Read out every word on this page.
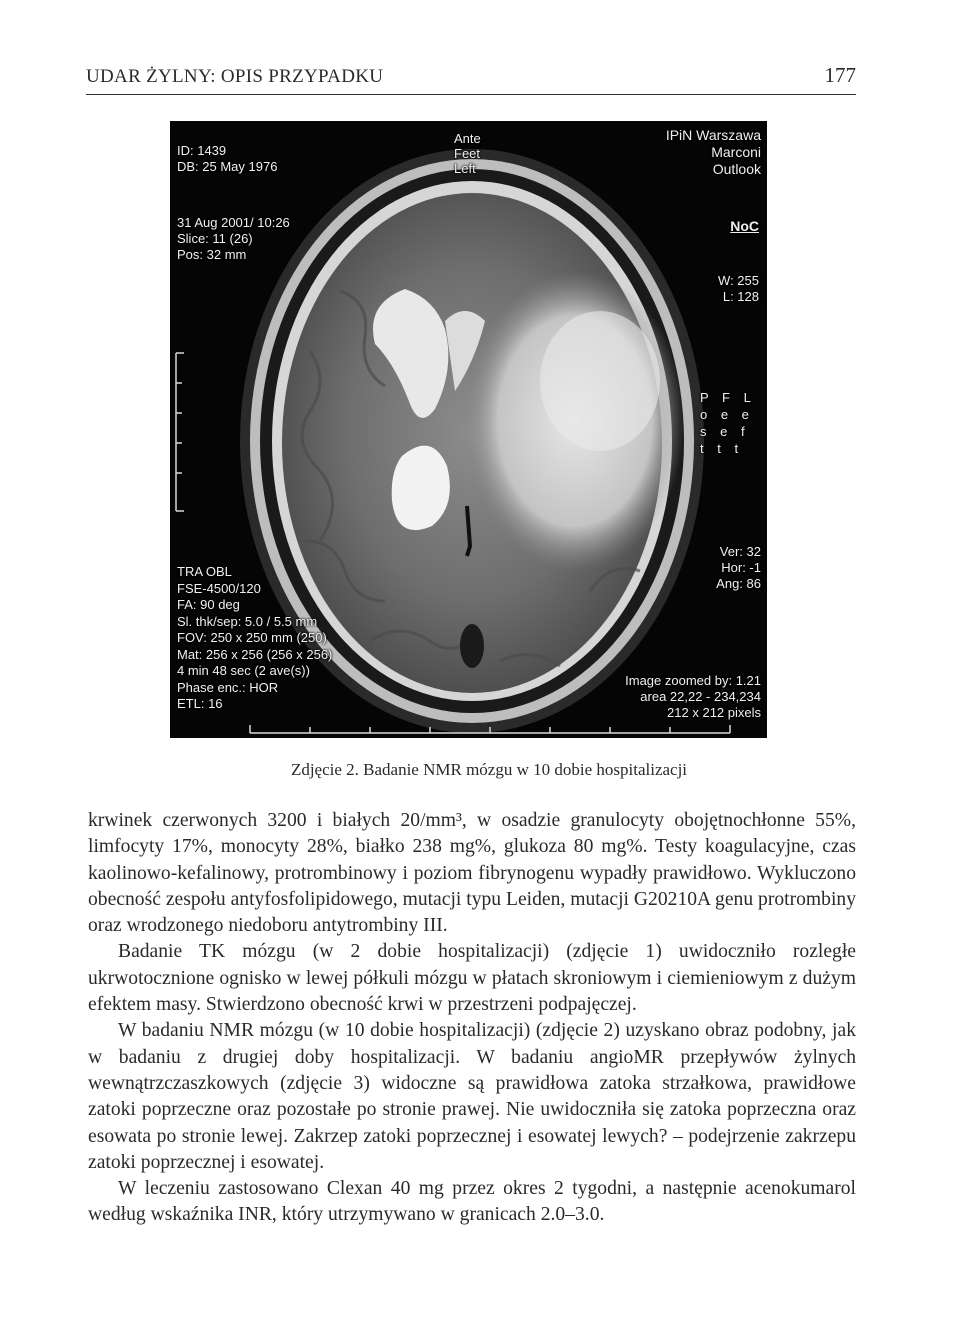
UDAR ŻYLNY: OPIS PRZYPADKU	177
ID: 1439
DB: 25 May 1976
Ante
Feet
Left
IPiN Warszawa
Marconi
Outlook
31 Aug 2001/ 10:26
Slice: 11 (26)
Pos: 32 mm
NoC
W: 255
L: 128
P F L
o e e
s e f
t t t
TRA OBL
FSE-4500/120
FA: 90 deg
Sl. thk/sep: 5.0 / 5.5 mm
FOV: 250 x 250 mm (250)
Mat: 256 x 256 (256 x 256)
4 min 48 sec (2 ave(s))
Phase enc.: HOR
ETL: 16
Ver: 32
Hor: -1
Ang: 86
Image zoomed by: 1.21
area 22,22 - 234,234
212 x 212 pixels
Zdjęcie 2. Badanie NMR mózgu w 10 dobie hospitalizacji

krwinek czerwonych 3200 i białych 20/mm³, w osadzie granulocyty obojętnochłonne 55%, limfocyty 17%, monocyty 28%, białko 238 mg%, glukoza 80 mg%. Testy koagulacyjne, czas kaolinowo-kefalinowy, protrombinowy i poziom fibrynogenu wypadły prawidłowo. Wykluczono obecność zespołu antyfosfolipidowego, mutacji typu Leiden, mutacji G20210A genu protrombiny oraz wrodzonego niedoboru antytrombiny III.

Badanie TK mózgu (w 2 dobie hospitalizacji) (zdjęcie 1) uwidoczniło rozległe ukrwotocznione ognisko w lewej półkuli mózgu w płatach skroniowym i ciemieniowym z dużym efektem masy. Stwierdzono obecność krwi w przestrzeni podpajęczej.

W badaniu NMR mózgu (w 10 dobie hospitalizacji) (zdjęcie 2) uzyskano obraz podobny, jak w badaniu z drugiej doby hospitalizacji. W badaniu angioMR przepływów żylnych wewnątrzczaszkowych (zdjęcie 3) widoczne są prawidłowa zatoka strzałkowa, prawidłowe zatoki poprzeczne oraz pozostałe po stronie prawej. Nie uwidoczniła się zatoka poprzeczna oraz esowata po stronie lewej. Zakrzep zatoki poprzecznej i esowatej lewych? – podejrzenie zakrzepu zatoki poprzecznej i esowatej.

W leczeniu zastosowano Clexan 40 mg przez okres 2 tygodni, a następnie acenokumarol według wskaźnika INR, który utrzymywano w granicach 2.0–3.0.
